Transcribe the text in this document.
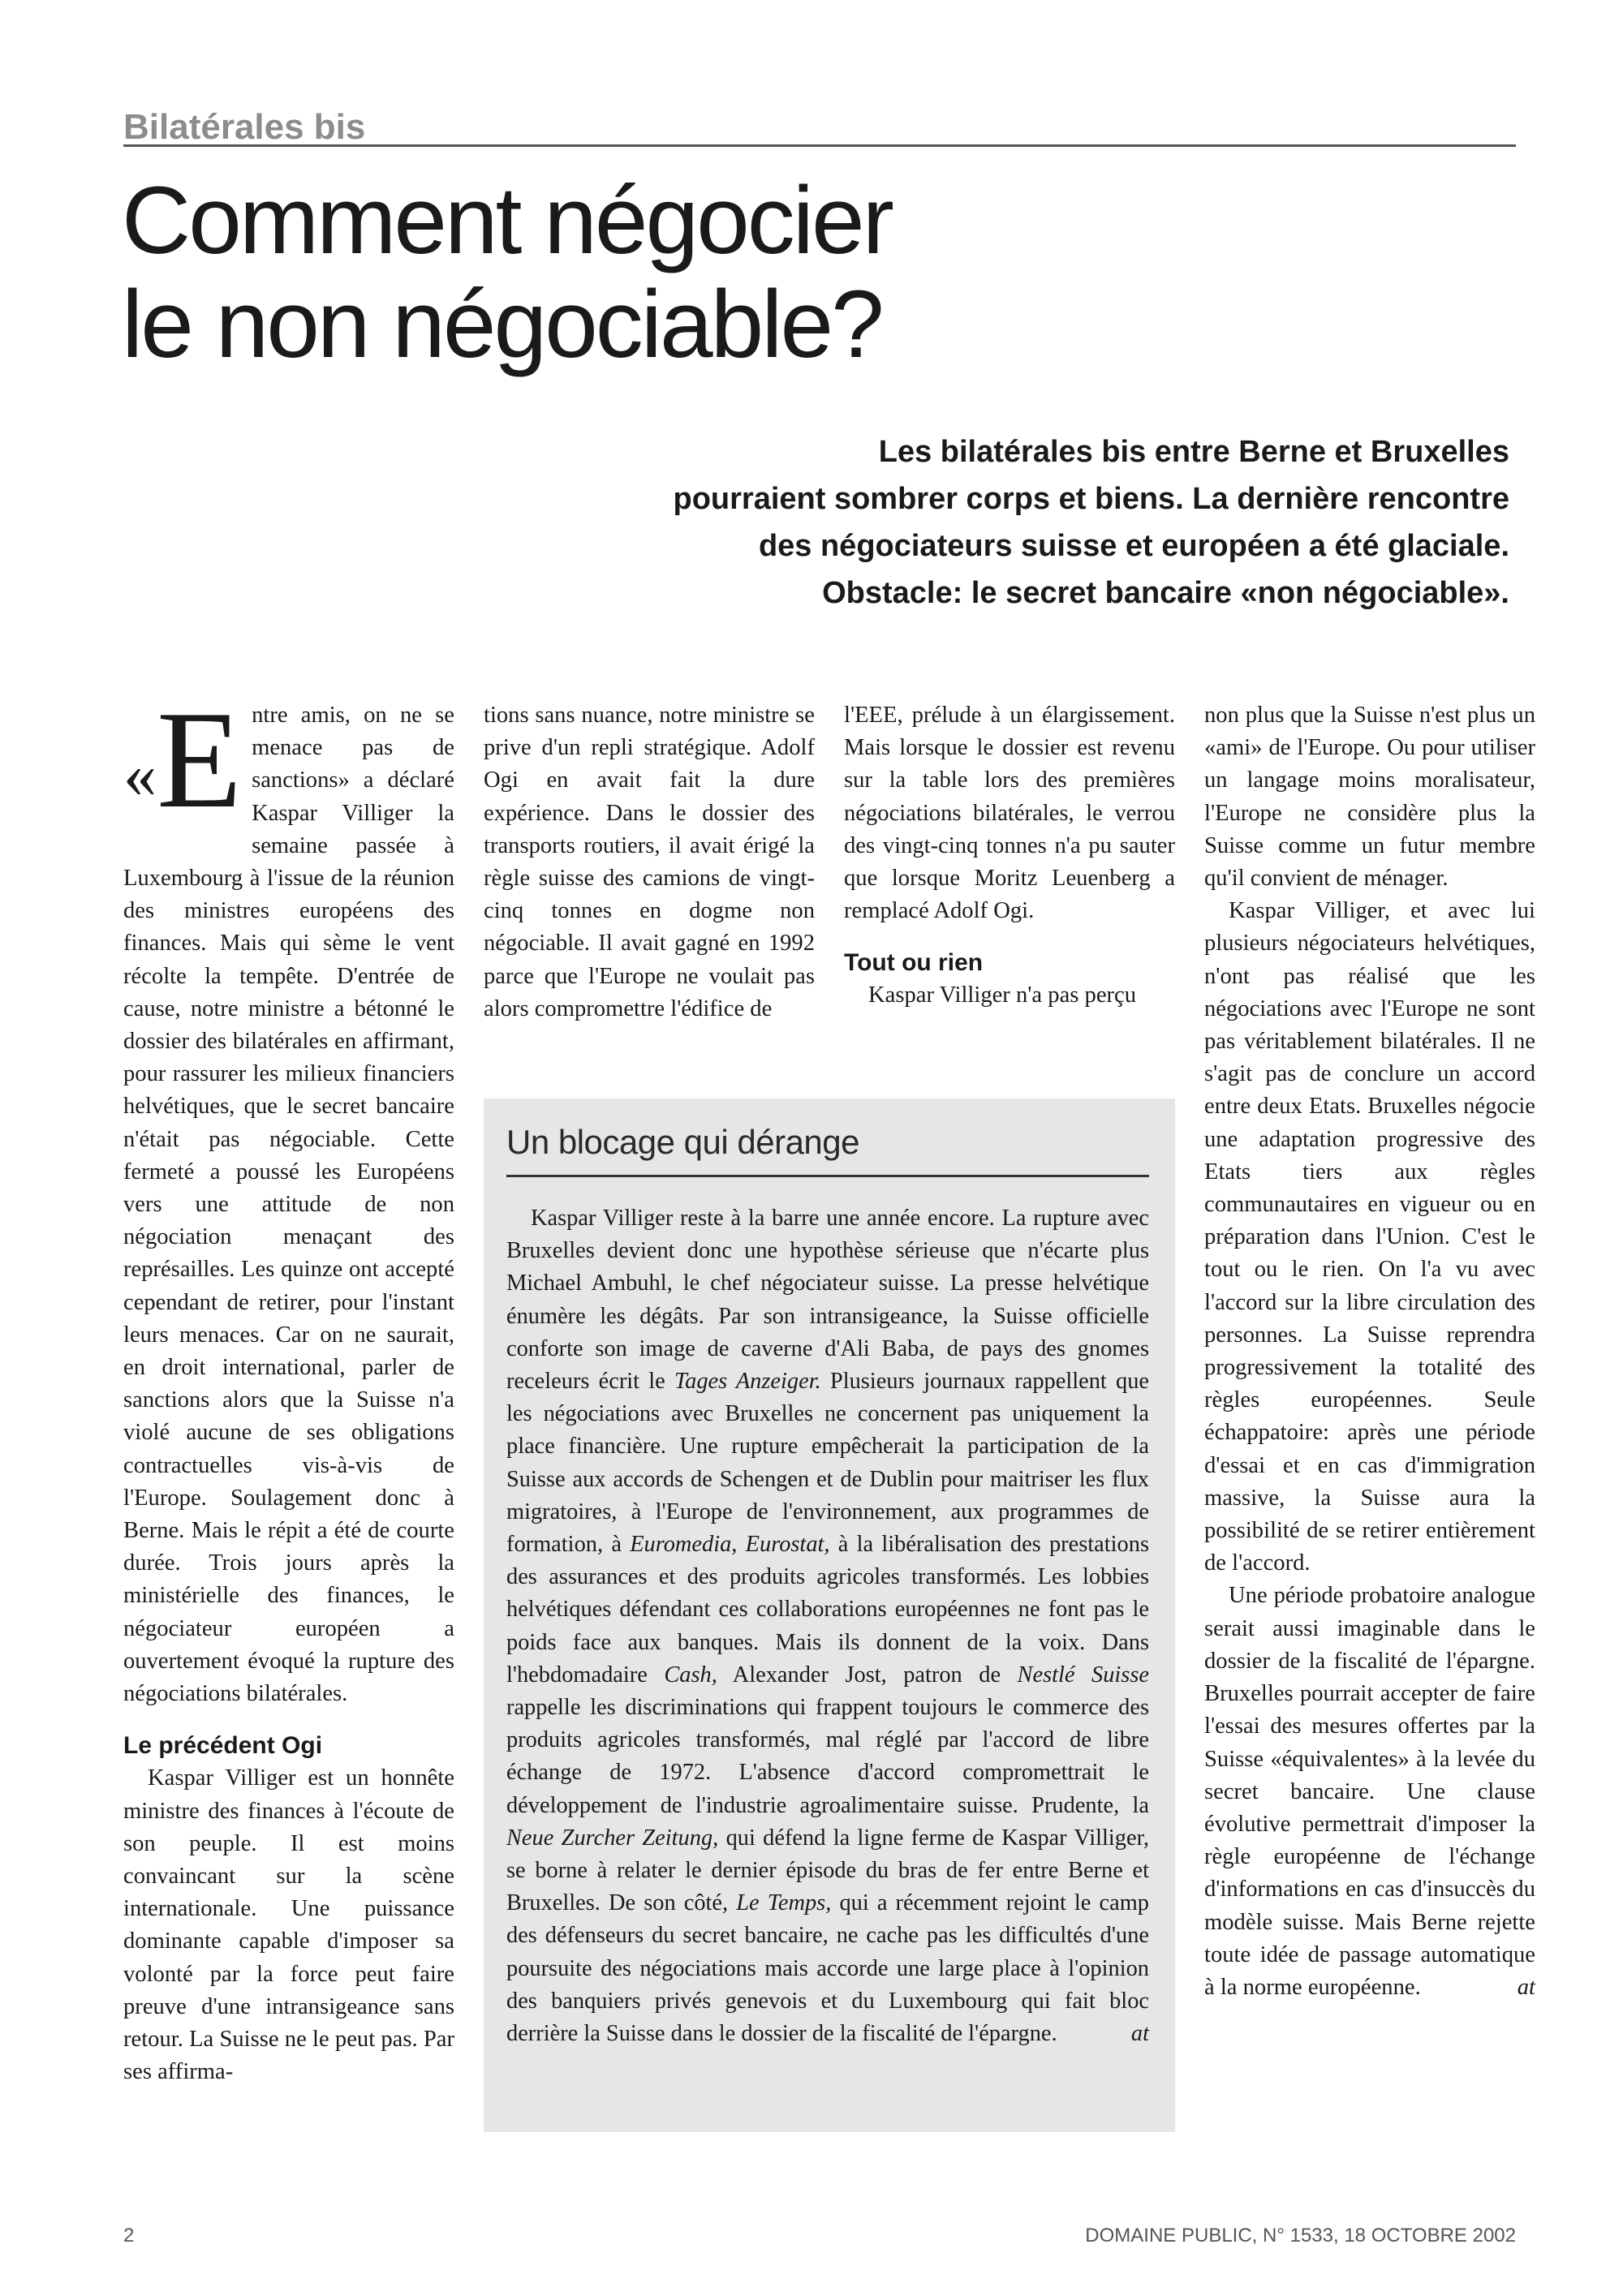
Bilatérales bis
Comment négocier
le non négociable?
Les bilatérales bis entre Berne et Bruxelles
pourraient sombrer corps et biens. La dernière rencontre
des négociateurs suisse et européen a été glaciale.
Obstacle: le secret bancaire «non négociable».

«E ntre amis, on ne se menace pas de sanctions» a déclaré Kaspar Villiger la semaine passée à Luxembourg à l'issue de la réunion des ministres européens des finances. Mais qui sème le vent récolte la tempête. D'entrée de cause, notre ministre a bétonné le dossier des bilatérales en affirmant, pour rassurer les milieux financiers helvétiques, que le secret bancaire n'était pas négociable. Cette fermeté a poussé les Européens vers une attitude de non négociation menaçant des représailles. Les quinze ont accepté cependant de retirer, pour l'instant leurs menaces. Car on ne saurait, en droit international, parler de sanctions alors que la Suisse n'a violé aucune de ses obligations contractuelles vis-à-vis de l'Europe. Soulagement donc à Berne. Mais le répit a été de courte durée. Trois jours après la ministérielle des finances, le négociateur européen a ouvertement évoqué la rupture des négociations bilatérales.

Le précédent Ogi

Kaspar Villiger est un honnête ministre des finances à l'écoute de son peuple. Il est moins convaincant sur la scène internationale. Une puissance dominante capable d'imposer sa volonté par la force peut faire preuve d'une intransigeance sans retour. La Suisse ne le peut pas. Par ses affirma-

tions sans nuance, notre ministre se prive d'un repli stratégique. Adolf Ogi en avait fait la dure expérience. Dans le dossier des transports routiers, il avait érigé la règle suisse des camions de vingt-cinq tonnes en dogme non négociable. Il avait gagné en 1992 parce que l'Europe ne voulait pas alors compromettre l'édifice de

l'EEE, prélude à un élargissement. Mais lorsque le dossier est revenu sur la table lors des premières négociations bilatérales, le verrou des vingt-cinq tonnes n'a pu sauter que lorsque Moritz Leuenberg a remplacé Adolf Ogi.

Tout ou rien

Kaspar Villiger n'a pas perçu

non plus que la Suisse n'est plus un «ami» de l'Europe. Ou pour utiliser un langage moins moralisateur, l'Europe ne considère plus la Suisse comme un futur membre qu'il convient de ménager.

Kaspar Villiger, et avec lui plusieurs négociateurs helvétiques, n'ont pas réalisé que les négociations avec l'Europe ne sont pas véritablement bilatérales. Il ne s'agit pas de conclure un accord entre deux Etats. Bruxelles négocie une adaptation progressive des Etats tiers aux règles communautaires en vigueur ou en préparation dans l'Union. C'est le tout ou le rien. On l'a vu avec l'accord sur la libre circulation des personnes. La Suisse reprendra progressivement la totalité des règles européennes. Seule échappatoire: après une période d'essai et en cas d'immigration massive, la Suisse aura la possibilité de se retirer entièrement de l'accord.

Une période probatoire analogue serait aussi imaginable dans le dossier de la fiscalité de l'épargne. Bruxelles pourrait accepter de faire l'essai des mesures offertes par la Suisse «équivalentes» à la levée du secret bancaire. Une clause évolutive permettrait d'imposer la règle européenne de l'échange d'informations en cas d'insuccès du modèle suisse. Mais Berne rejette toute idée de passage automatique à la norme européenne.	at

Un blocage qui dérange

Kaspar Villiger reste à la barre une année encore. La rupture avec Bruxelles devient donc une hypothèse sérieuse que n'écarte plus Michael Ambuhl, le chef négociateur suisse. La presse helvétique énumère les dégâts. Par son intransigeance, la Suisse officielle conforte son image de caverne d'Ali Baba, de pays des gnomes receleurs écrit le Tages Anzeiger. Plusieurs journaux rappellent que les négociations avec Bruxelles ne concernent pas uniquement la place financière. Une rupture empêcherait la participation de la Suisse aux accords de Schengen et de Dublin pour maitriser les flux migratoires, à l'Europe de l'environnement, aux programmes de formation, à Euromedia, Eurostat, à la libéralisation des prestations des assurances et des produits agricoles transformés. Les lobbies helvétiques défendant ces collaborations européennes ne font pas le poids face aux banques. Mais ils donnent de la voix. Dans l'hebdomadaire Cash, Alexander Jost, patron de Nestlé Suisse rappelle les discriminations qui frappent toujours le commerce des produits agricoles transformés, mal réglé par l'accord de libre échange de 1972. L'absence d'accord compromettrait le développement de l'industrie agroalimentaire suisse. Prudente, la Neue Zurcher Zeitung, qui défend la ligne ferme de Kaspar Villiger, se borne à relater le dernier épisode du bras de fer entre Berne et Bruxelles. De son côté, Le Temps, qui a récemment rejoint le camp des défenseurs du secret bancaire, ne cache pas les difficultés d'une poursuite des négociations mais accorde une large place à l'opinion des banquiers privés genevois et du Luxembourg qui fait bloc derrière la Suisse dans le dossier de la fiscalité de l'épargne.	at

2	DOMAINE PUBLIC, N° 1533, 18 OCTOBRE 2002
